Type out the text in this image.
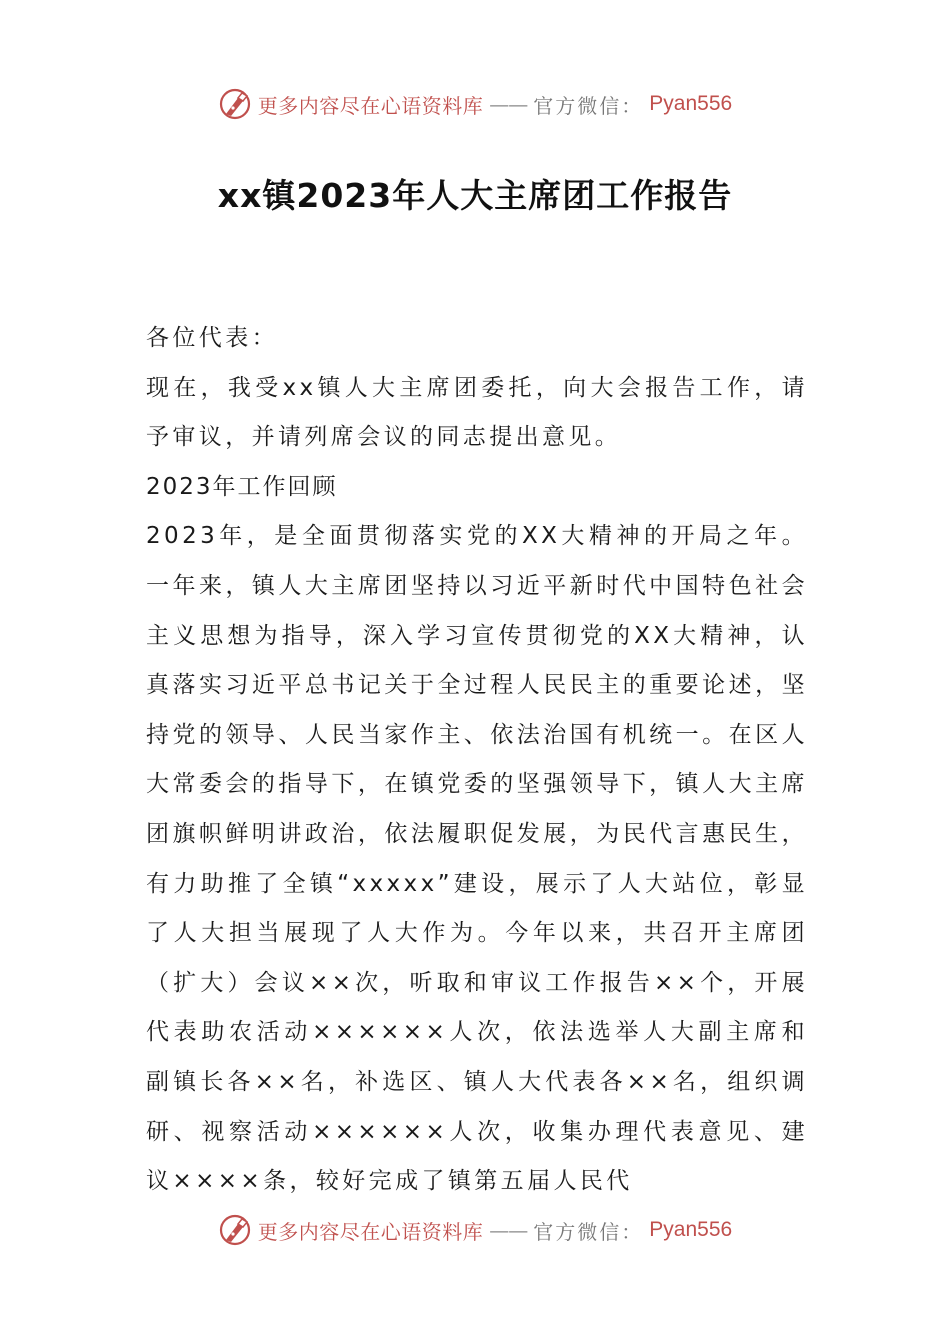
更多内容尽在心语资料库 —— 官方微信： Pyan556
xx镇2023年人大主席团工作报告

各位代表：

现在，我受xx镇人大主席团委托，向大会报告工作，请予审议，并请列席会议的同志提出意见。

2023年工作回顾

2023年，是全面贯彻落实党的XX大精神的开局之年。一年来，镇人大主席团坚持以习近平新时代中国特色社会主义思想为指导，深入学习宣传贯彻党的XX大精神，认真落实习近平总书记关于全过程人民民主的重要论述，坚持党的领导、人民当家作主、依法治国有机统一。在区人大常委会的指导下，在镇党委的坚强领导下，镇人大主席团旗帜鲜明讲政治，依法履职促发展，为民代言惠民生，有力助推了全镇“xxxxx”建设，展示了人大站位，彰显了人大担当展现了人大作为。今年以来，共召开主席团（扩大）会议××次，听取和审议工作报告××个，开展代表助农活动××××××人次，依法选举人大副主席和副镇长各××名，补选区、镇人大代表各××名，组织调研、视察活动××××××人次，收集办理代表意见、建议××××条，较好完成了镇第五届人民代

更多内容尽在心语资料库 —— 官方微信： Pyan556
